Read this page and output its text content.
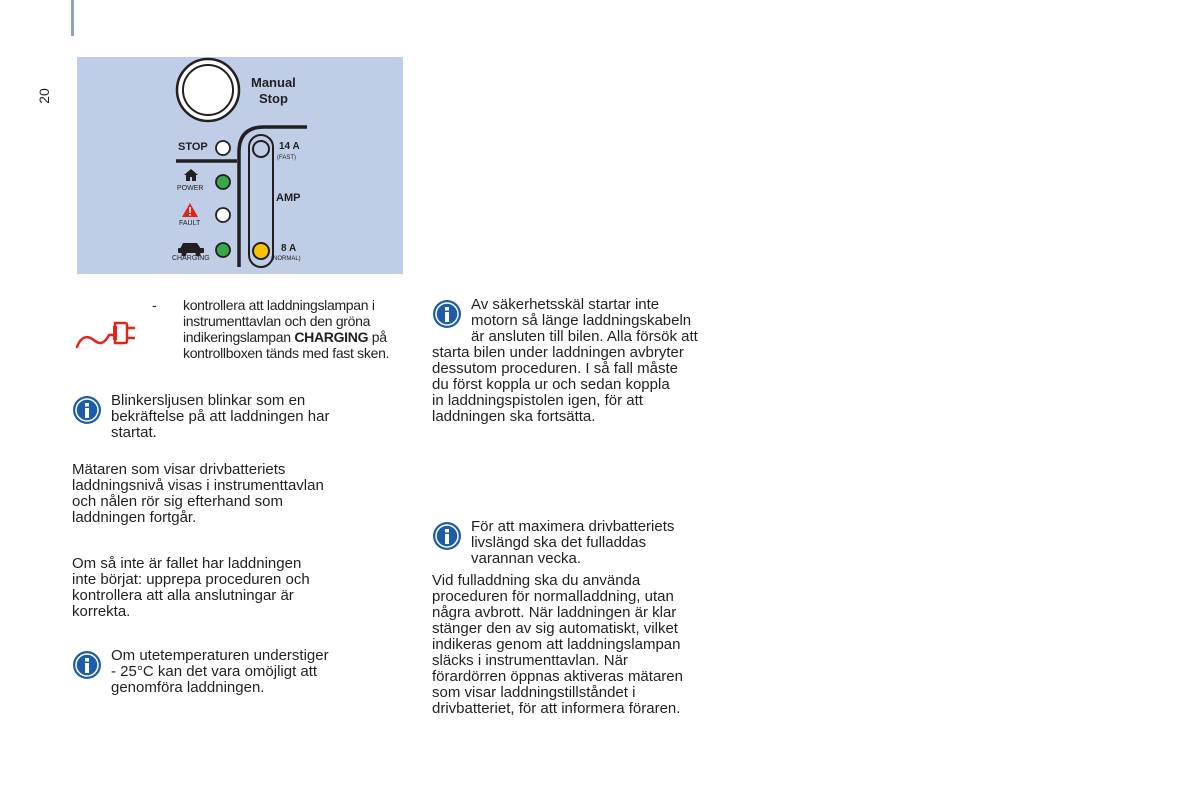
20
Manual
Stop
STOP
POWER
FAULT
CHARGING
14 A
(FAST)
AMP
8 A
(NORMAL)
- kontrollera att laddningslampan i instrumenttavlan och den gröna indikeringslampan CHARGING på kontrollboxen tänds med fast sken.

Blinkersljusen blinkar som en
bekräftelse på att laddningen har
startat.
Mätaren som visar drivbatteriets
laddningsnivå visas i instrumenttavlan
och nålen rör sig efterhand som
laddningen fortgår.
Om så inte är fallet har laddningen
inte börjat: upprepa proceduren och
kontrollera att alla anslutningar är
korrekta.
Om utetemperaturen understiger
- 25°C kan det vara omöjligt att
genomföra laddningen.
Av säkerhetsskäl startar inte
motorn så länge laddningskabeln
är ansluten till bilen. Alla försök att
starta bilen under laddningen avbryter
dessutom proceduren. I så fall måste
du först koppla ur och sedan koppla
in laddningspistolen igen, för att
laddningen ska fortsätta.
För att maximera drivbatteriets
livslängd ska det fulladdas
varannan vecka.
Vid fulladdning ska du använda
proceduren för normalladdning, utan
några avbrott. När laddningen är klar
stänger den av sig automatiskt, vilket
indikeras genom att laddningslampan
släcks i instrumenttavlan. När
förardörren öppnas aktiveras mätaren
som visar laddningstillståndet i
drivbatteriet, för att informera föraren.
